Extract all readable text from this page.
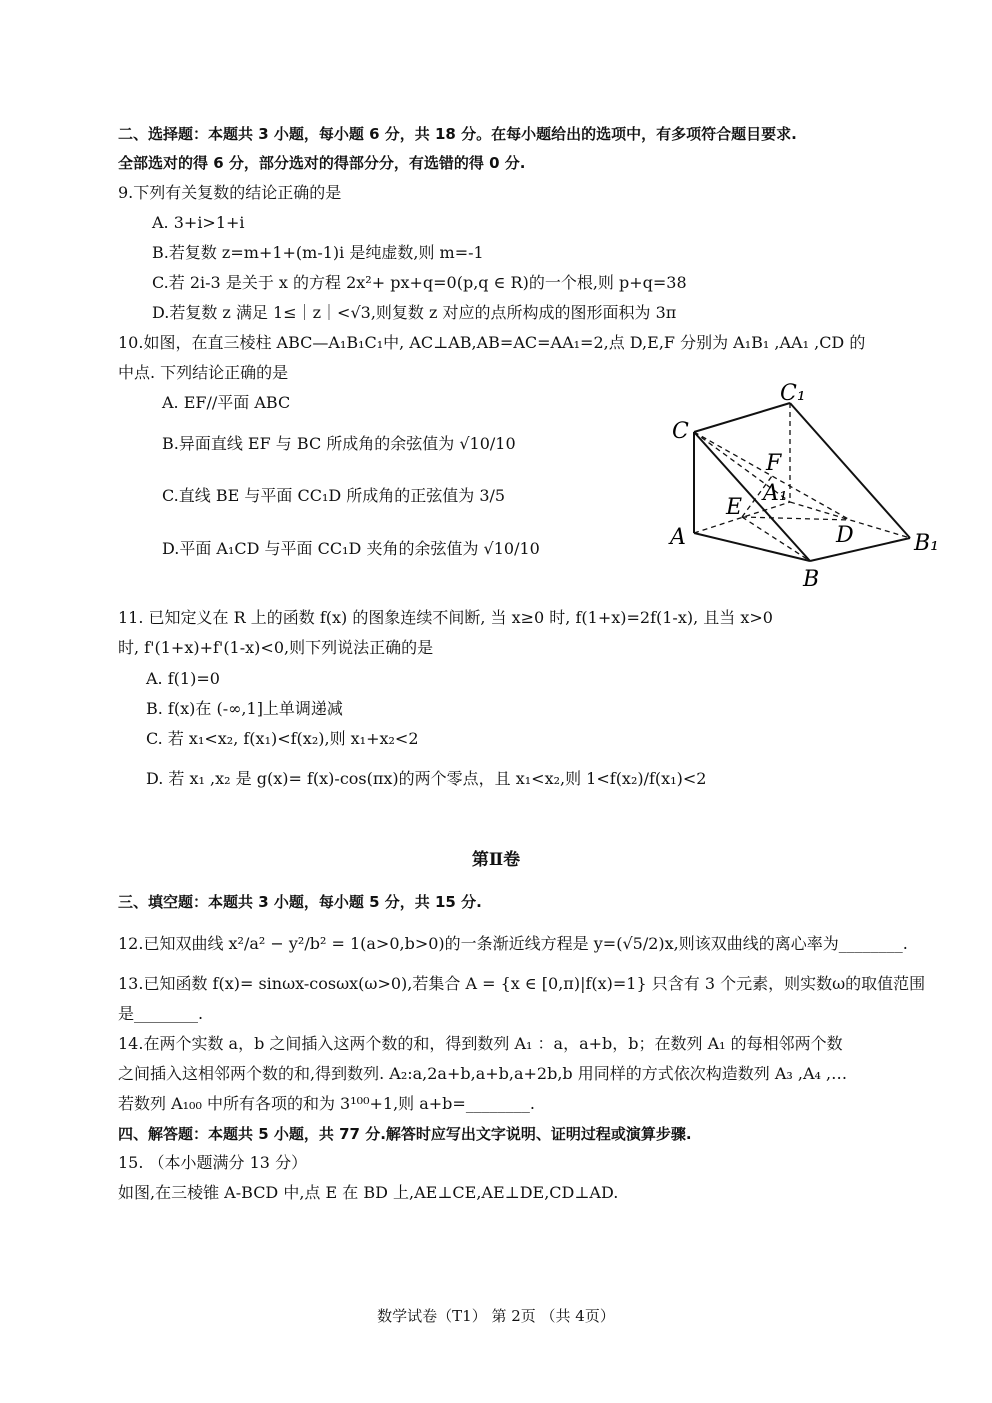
二、选择题：本题共 3 小题，每小题 6 分，共 18 分。在每小题给出的选项中，有多项符合题目要求.
全部选对的得 6 分，部分选对的得部分分，有选错的得 0 分.
9.下列有关复数的结论正确的是
A. 3+i>1+i
B.若复数 z=m+1+(m-1)i 是纯虚数,则 m=-1
C.若 2i-3 是关于 x 的方程 2x²+ px+q=0(p,q ∈ R)的一个根,则 p+q=38
D.若复数 z 满足 1≤｜z｜<√3,则复数 z 对应的点所构成的图形面积为 3π
10.如图，在直三棱柱 ABC—A₁B₁C₁中, AC⊥AB,AB=AC=AA₁=2,点 D,E,F 分别为 A₁B₁ ,AA₁ ,CD 的
中点. 下列结论正确的是
A. EF//平面 ABC
B.异面直线 EF 与 BC 所成角的余弦值为 √10/10
C.直线 BE 与平面 CC₁D 所成角的正弦值为 3/5
D.平面 A₁CD 与平面 CC₁D 夹角的余弦值为 √10/10
C₁
C
F
A₁
E
D
A	B₁
B
11. 已知定义在 R 上的函数 f(x) 的图象连续不间断, 当 x≥0 时, f(1+x)=2f(1-x), 且当 x>0
时, f'(1+x)+f'(1-x)<0,则下列说法正确的是
A. f(1)=0
B. f(x)在 (-∞,1]上单调递减
C. 若 x₁<x₂, f(x₁)<f(x₂),则 x₁+x₂<2
D. 若 x₁ ,x₂ 是 g(x)= f(x)-cos(πx)的两个零点，且 x₁<x₂,则 1<f(x₂)/f(x₁)<2
第Ⅱ卷
三、填空题：本题共 3 小题，每小题 5 分，共 15 分.
12.已知双曲线 x²/a² − y²/b² = 1(a>0,b>0)的一条渐近线方程是 y=(√5/2)x,则该双曲线的离心率为________.
13.已知函数 f(x)= sinωx-cosωx(ω>0),若集合 A = {x ∈ [0,π)|f(x)=1} 只含有 3 个元素，则实数ω的取值范围
是________.
14.在两个实数 a，b 之间插入这两个数的和，得到数列 A₁ ：a，a+b，b；在数列 A₁ 的每相邻两个数
之间插入这相邻两个数的和,得到数列. A₂:a,2a+b,a+b,a+2b,b 用同样的方式依次构造数列 A₃ ,A₄ ,…
若数列 A₁₀₀ 中所有各项的和为 3¹⁰⁰+1,则 a+b=________.
四、解答题：本题共 5 小题，共 77 分.解答时应写出文字说明、证明过程或演算步骤.
15. （本小题满分 13 分）
如图,在三棱锥 A-BCD 中,点 E 在 BD 上,AE⊥CE,AE⊥DE,CD⊥AD.
数学试卷（T1） 第 2页 （共 4页）
